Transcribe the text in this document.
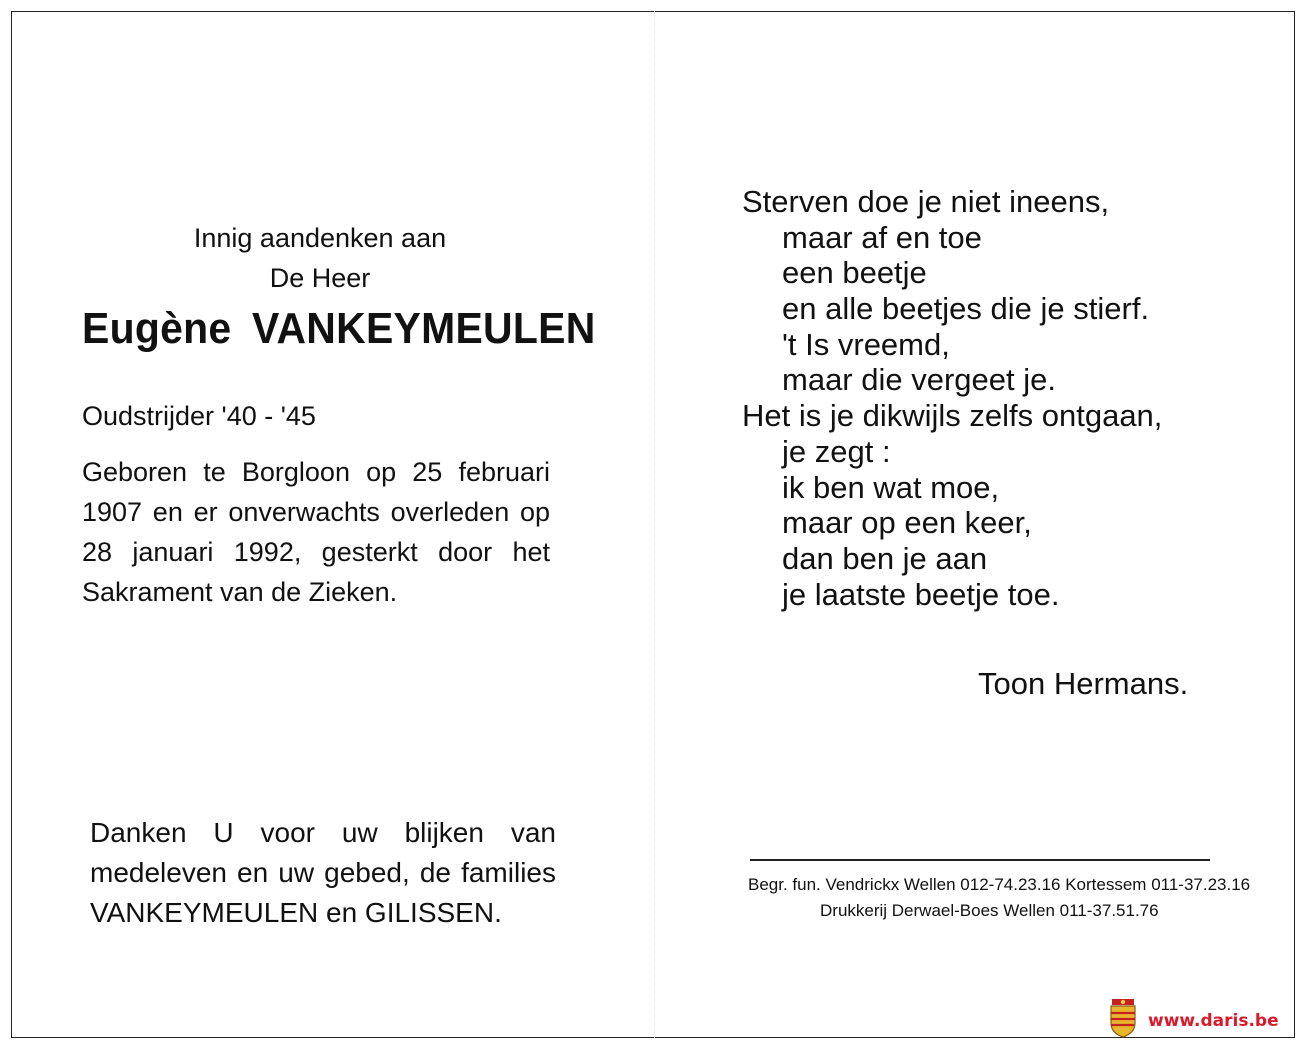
Innig aandenken aan
De Heer
Eugène VANKEYMEULEN
Oudstrijder '40 - '45
Geboren te Borgloon op 25 februari
1907 en er onverwachts overleden op
28 januari 1992, gesterkt door het
Sakrament van de Zieken.
Danken U voor uw blijken van
medeleven en uw gebed, de families
VANKEYMEULEN en GILISSEN.
Sterven doe je niet ineens,
maar af en toe
een beetje
en alle beetjes die je stierf.
't Is vreemd,
maar die vergeet je.
Het is je dikwijls zelfs ontgaan,
je zegt :
ik ben wat moe,
maar op een keer,
dan ben je aan
je laatste beetje toe.
Toon Hermans.
Begr. fun. Vendrickx Wellen 012-74.23.16 Kortessem 011-37.23.16
Drukkerij Derwael-Boes Wellen 011-37.51.76
www.daris.be
